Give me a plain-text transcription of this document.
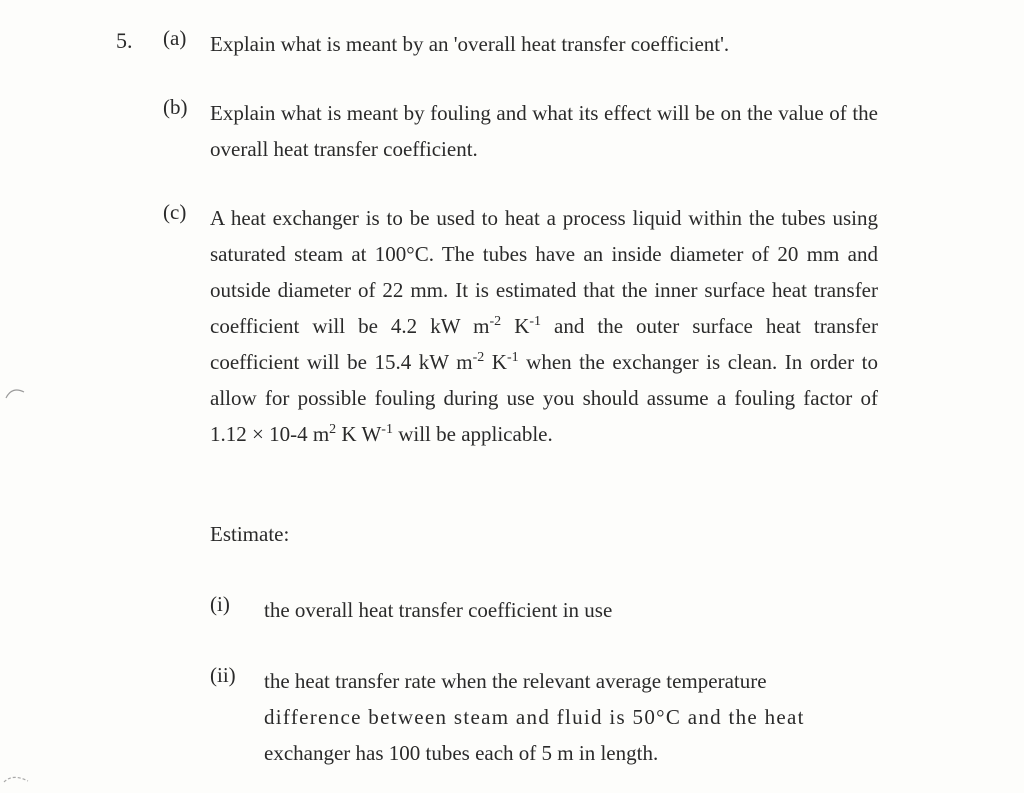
5. (a) Explain what is meant by an 'overall heat transfer coefficient'.
(b) Explain what is meant by fouling and what its effect will be on the value of the overall heat transfer coefficient.
(c) A heat exchanger is to be used to heat a process liquid within the tubes using saturated steam at 100°C. The tubes have an inside diameter of 20 mm and outside diameter of 22 mm. It is estimated that the inner surface heat transfer coefficient will be 4.2 kW $m^{-2}$ $K^{-1}$ and the outer surface heat transfer coefficient will be 15.4 kW $m^{-2}$ $K^{-1}$ when the exchanger is clean. In order to allow for possible fouling during use you should assume a fouling factor of 1.12 × 10-4 $m^2$ K $W^{-1}$ will be applicable.
Estimate:
(i) the overall heat transfer coefficient in use
(ii) the heat transfer rate when the relevant average temperature
difference between steam and fluid is 50°C and the heat
exchanger has 100 tubes each of 5 m in length.
